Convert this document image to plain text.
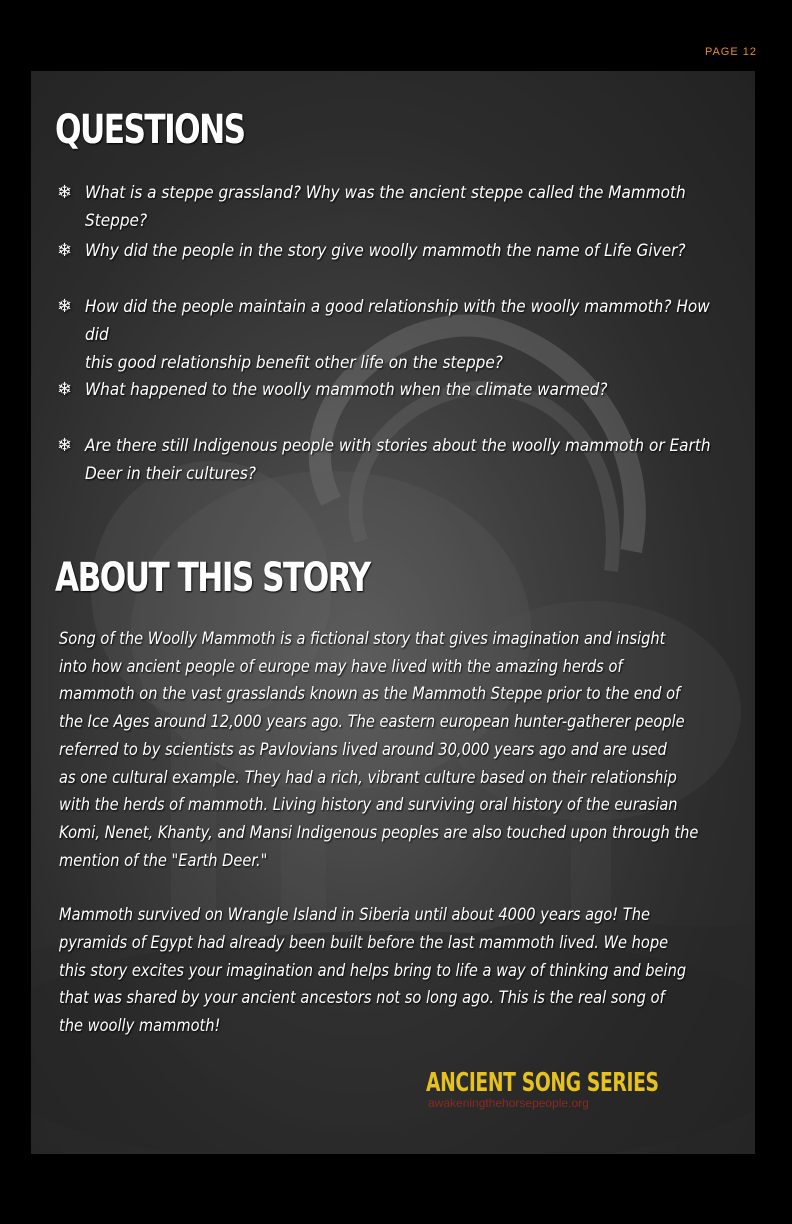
PAGE 12
QUESTIONS
❄ What is a steppe grassland? Why was the ancient steppe called the Mammoth Steppe?
❄ Why did the people in the story give woolly mammoth the name of Life Giver?
❄ How did the people maintain a good relationship with the woolly mammoth? How did
this good relationship benefit other life on the steppe?
❄ What happened to the woolly mammoth when the climate warmed?
❄ Are there still Indigenous people with stories about the woolly mammoth or Earth
Deer in their cultures?
ABOUT THIS STORY

Song of the Woolly Mammoth is a fictional story that gives imagination and insight
into how ancient people of europe may have lived with the amazing herds of
mammoth on the vast grasslands known as the Mammoth Steppe prior to the end of
the Ice Ages around 12,000 years ago. The eastern european hunter-gatherer people
referred to by scientists as Pavlovians lived around 30,000 years ago and are used
as one cultural example. They had a rich, vibrant culture based on their relationship
with the herds of mammoth. Living history and surviving oral history of the eurasian
Komi, Nenet, Khanty, and Mansi Indigenous peoples are also touched upon through the
mention of the "Earth Deer."

Mammoth survived on Wrangle Island in Siberia until about 4000 years ago! The
pyramids of Egypt had already been built before the last mammoth lived. We hope
this story excites your imagination and helps bring to life a way of thinking and being
that was shared by your ancient ancestors not so long ago. This is the real song of
the woolly mammoth!

ANCIENT SONG SERIES
awakeningthehorsepeople.org
